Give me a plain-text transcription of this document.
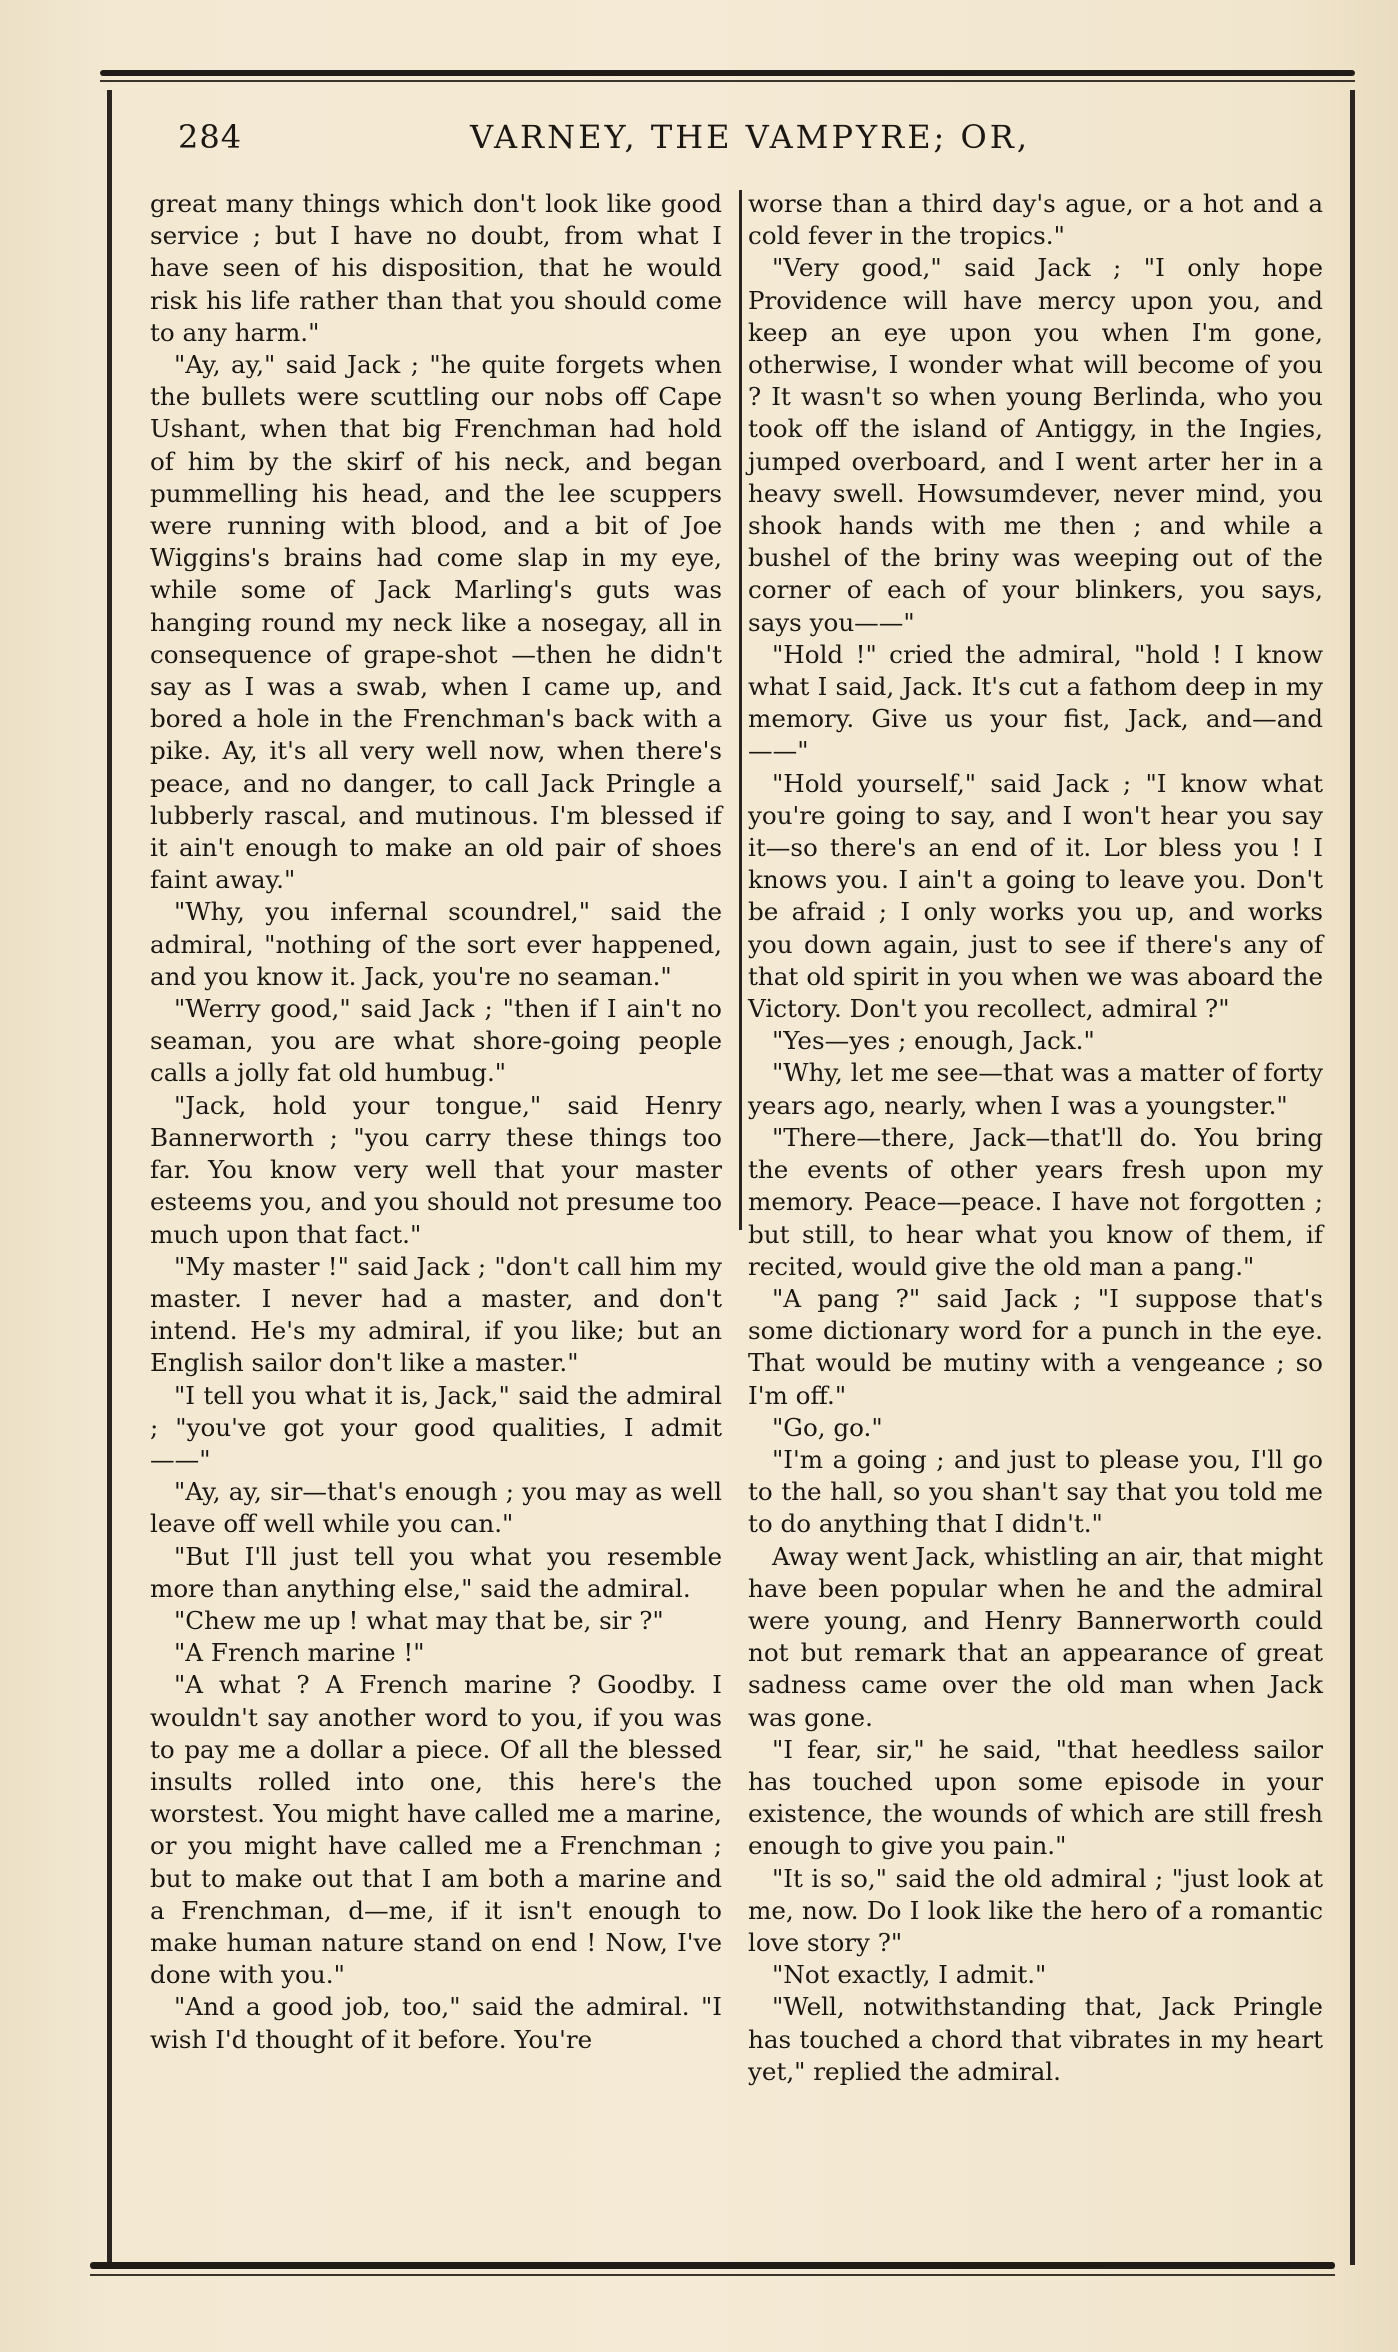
284	VARNEY, THE VAMPYRE; OR,

great many things which don't look like good service ; but I have no doubt, from what I have seen of his disposition, that he would risk his life rather than that you should come to any harm."

"Ay, ay," said Jack ; "he quite forgets when the bullets were scuttling our nobs off Cape Ushant, when that big Frenchman had hold of him by the skirf of his neck, and began pummelling his head, and the lee scuppers were running with blood, and a bit of Joe Wiggins's brains had come slap in my eye, while some of Jack Marling's guts was hanging round my neck like a nosegay, all in consequence of grape-shot —then he didn't say as I was a swab, when I came up, and bored a hole in the Frenchman's back with a pike. Ay, it's all very well now, when there's peace, and no danger, to call Jack Pringle a lubberly rascal, and mutinous. I'm blessed if it ain't enough to make an old pair of shoes faint away."

"Why, you infernal scoundrel," said the admiral, "nothing of the sort ever happened, and you know it. Jack, you're no seaman."

"Werry good," said Jack ; "then if I ain't no seaman, you are what shore-going people calls a jolly fat old humbug."

"Jack, hold your tongue," said Henry Bannerworth ; "you carry these things too far. You know very well that your master esteems you, and you should not presume too much upon that fact."

"My master !" said Jack ; "don't call him my master. I never had a master, and don't intend. He's my admiral, if you like; but an English sailor don't like a master."

"I tell you what it is, Jack," said the admiral ; "you've got your good qualities, I admit ——"

"Ay, ay, sir—that's enough ; you may as well leave off well while you can."

"But I'll just tell you what you resemble more than anything else," said the admiral.

"Chew me up ! what may that be, sir ?"

"A French marine !"

"A what ? A French marine ? Goodby. I wouldn't say another word to you, if you was to pay me a dollar a piece. Of all the blessed insults rolled into one, this here's the worstest. You might have called me a marine, or you might have called me a Frenchman ; but to make out that I am both a marine and a Frenchman, d—me, if it isn't enough to make human nature stand on end ! Now, I've done with you."

"And a good job, too," said the admiral. "I wish I'd thought of it before. You're

worse than a third day's ague, or a hot and a cold fever in the tropics."

"Very good," said Jack ; "I only hope Providence will have mercy upon you, and keep an eye upon you when I'm gone, otherwise, I wonder what will become of you ? It wasn't so when young Berlinda, who you took off the island of Antiggy, in the Ingies, jumped overboard, and I went arter her in a heavy swell. Howsumdever, never mind, you shook hands with me then ; and while a bushel of the briny was weeping out of the corner of each of your blinkers, you says, says you——"

"Hold !" cried the admiral, "hold ! I know what I said, Jack. It's cut a fathom deep in my memory. Give us your fist, Jack, and—and——"

"Hold yourself," said Jack ; "I know what you're going to say, and I won't hear you say it—so there's an end of it. Lor bless you ! I knows you. I ain't a going to leave you. Don't be afraid ; I only works you up, and works you down again, just to see if there's any of that old spirit in you when we was aboard the Victory. Don't you recollect, admiral ?"

"Yes—yes ; enough, Jack."

"Why, let me see—that was a matter of forty years ago, nearly, when I was a youngster."

"There—there, Jack—that'll do. You bring the events of other years fresh upon my memory. Peace—peace. I have not forgotten ; but still, to hear what you know of them, if recited, would give the old man a pang."

"A pang ?" said Jack ; "I suppose that's some dictionary word for a punch in the eye. That would be mutiny with a vengeance ; so I'm off."

"Go, go."

"I'm a going ; and just to please you, I'll go to the hall, so you shan't say that you told me to do anything that I didn't."

Away went Jack, whistling an air, that might have been popular when he and the admiral were young, and Henry Bannerworth could not but remark that an appearance of great sadness came over the old man when Jack was gone.

"I fear, sir," he said, "that heedless sailor has touched upon some episode in your existence, the wounds of which are still fresh enough to give you pain."

"It is so," said the old admiral ; "just look at me, now. Do I look like the hero of a romantic love story ?"

"Not exactly, I admit."

"Well, notwithstanding that, Jack Pringle has touched a chord that vibrates in my heart yet," replied the admiral.
